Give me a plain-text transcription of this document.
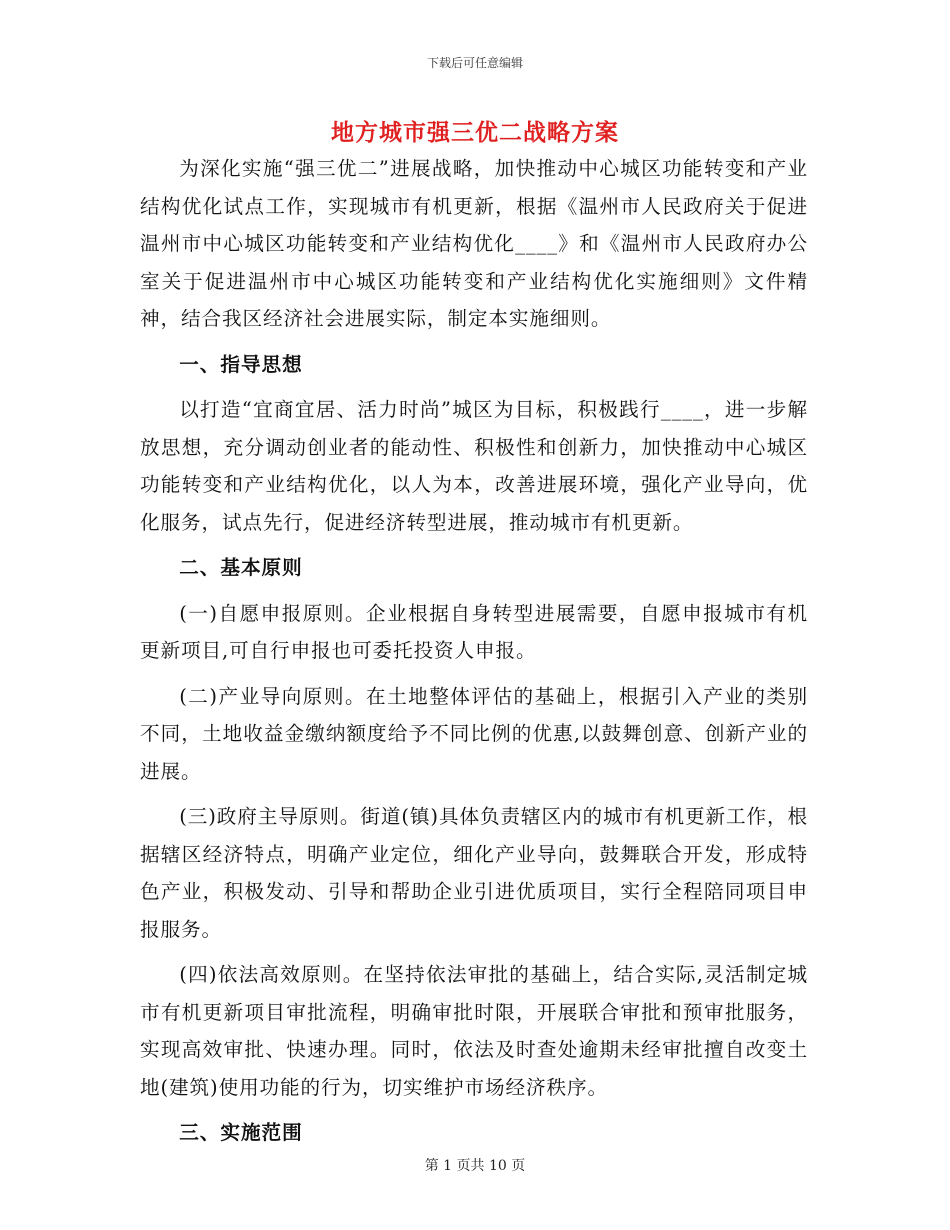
下载后可任意编辑
地方城市强三优二战略方案

为深化实施“强三优二”进展战略，加快推动中心城区功能转变和产业结构优化试点工作，实现城市有机更新，根据《温州市人民政府关于促进温州市中心城区功能转变和产业结构优化____》和《温州市人民政府办公室关于促进温州市中心城区功能转变和产业结构优化实施细则》文件精神，结合我区经济社会进展实际，制定本实施细则。

一、指导思想

以打造“宜商宜居、活力时尚”城区为目标，积极践行____，进一步解放思想，充分调动创业者的能动性、积极性和创新力，加快推动中心城区功能转变和产业结构优化，以人为本，改善进展环境，强化产业导向，优化服务，试点先行，促进经济转型进展，推动城市有机更新。

二、基本原则

(一)自愿申报原则。企业根据自身转型进展需要，自愿申报城市有机更新项目,可自行申报也可委托投资人申报。

(二)产业导向原则。在土地整体评估的基础上，根据引入产业的类别不同，土地收益金缴纳额度给予不同比例的优惠,以鼓舞创意、创新产业的进展。

(三)政府主导原则。街道(镇)具体负责辖区内的城市有机更新工作，根据辖区经济特点，明确产业定位，细化产业导向，鼓舞联合开发，形成特色产业，积极发动、引导和帮助企业引进优质项目，实行全程陪同项目申报服务。

(四)依法高效原则。在坚持依法审批的基础上，结合实际,灵活制定城市有机更新项目审批流程，明确审批时限，开展联合审批和预审批服务，实现高效审批、快速办理。同时，依法及时查处逾期未经审批擅自改变土地(建筑)使用功能的行为，切实维护市场经济秩序。

三、实施范围

第 1 页共 10 页
